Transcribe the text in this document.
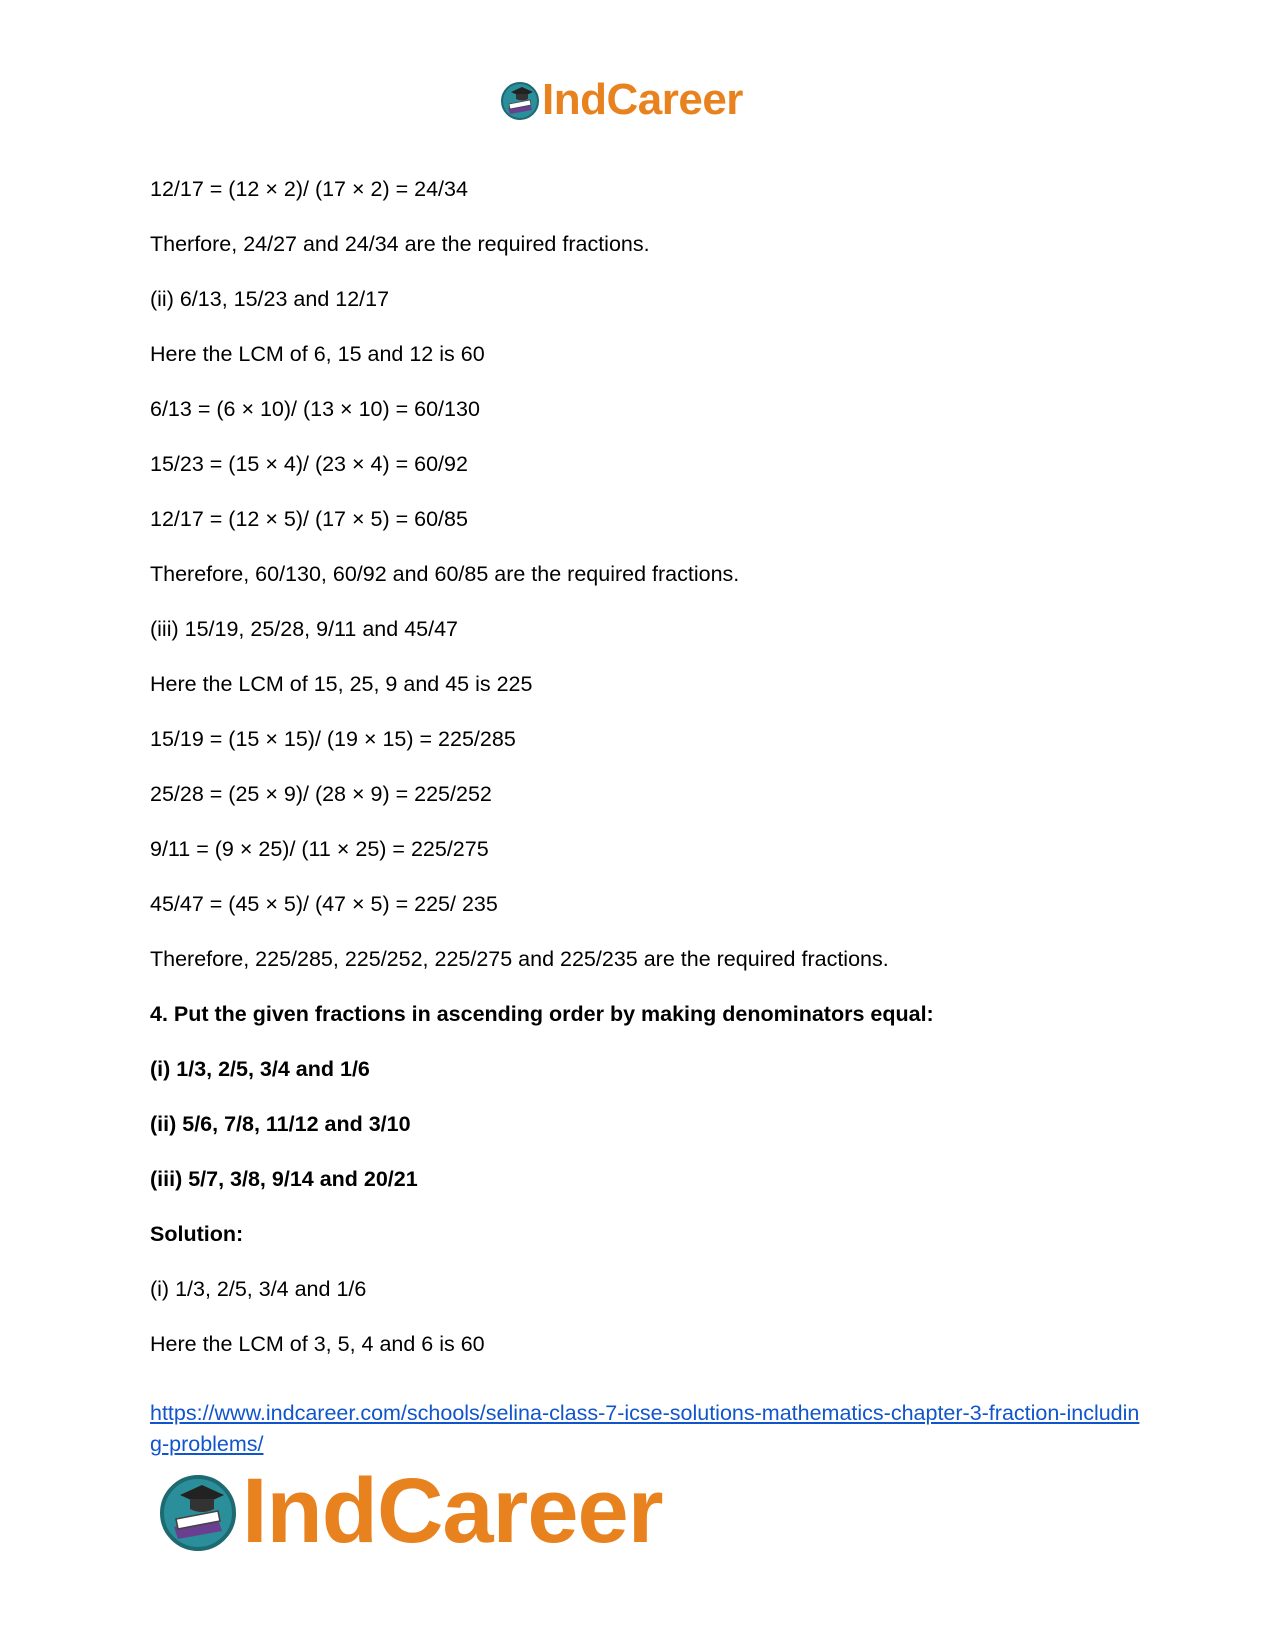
IndCareer
12/17 = (12 × 2)/ (17 × 2) = 24/34
Therfore, 24/27 and 24/34 are the required fractions.
(ii) 6/13, 15/23 and 12/17
Here the LCM of 6, 15 and 12 is 60
6/13 = (6 × 10)/ (13 × 10) = 60/130
15/23 = (15 × 4)/ (23 × 4) = 60/92
12/17 = (12 × 5)/ (17 × 5) = 60/85
Therefore, 60/130, 60/92 and 60/85 are the required fractions.
(iii) 15/19, 25/28, 9/11 and 45/47
Here the LCM of 15, 25, 9 and 45 is 225
15/19 = (15 × 15)/ (19 × 15) = 225/285
25/28 = (25 × 9)/ (28 × 9) = 225/252
9/11 = (9 × 25)/ (11 × 25) = 225/275
45/47 = (45 × 5)/ (47 × 5) = 225/ 235
Therefore, 225/285, 225/252, 225/275 and 225/235 are the required fractions.
4. Put the given fractions in ascending order by making denominators equal:
(i) 1/3, 2/5, 3/4 and 1/6
(ii) 5/6, 7/8, 11/12 and 3/10
(iii) 5/7, 3/8, 9/14 and 20/21
Solution:
(i) 1/3, 2/5, 3/4 and 1/6
Here the LCM of 3, 5, 4 and 6 is 60
https://www.indcareer.com/schools/selina-class-7-icse-solutions-mathematics-chapter-3-fraction-including-problems/
IndCareer
